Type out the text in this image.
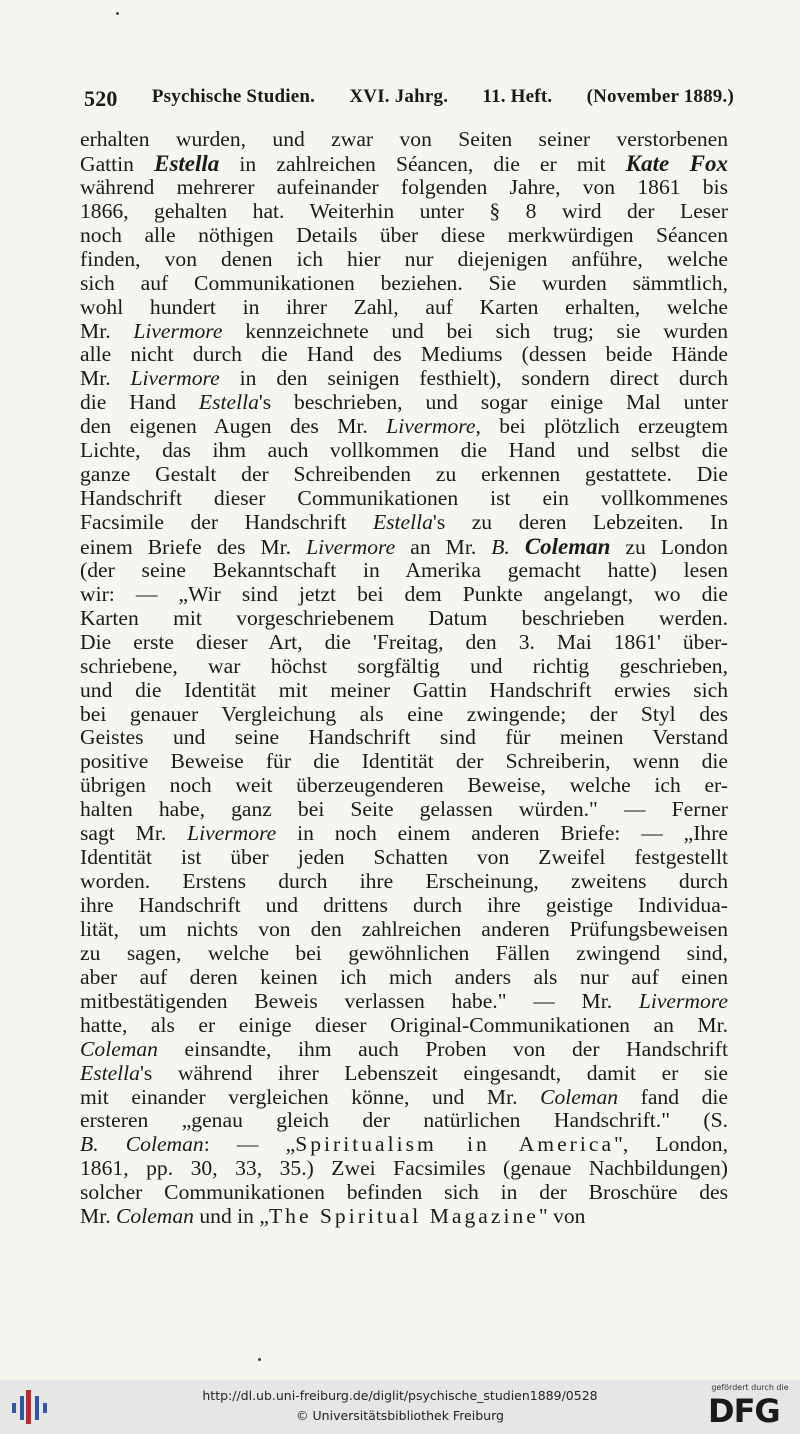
520 Psychische Studien. XVI. Jahrg. 11. Heft. (November 1889.)
erhalten wurden, und zwar von Seiten seiner verstorbenen
Gattin Estella in zahlreichen Séancen, die er mit Kate Fox
während mehrerer aufeinander folgenden Jahre, von 1861 bis
1866, gehalten hat. Weiterhin unter § 8 wird der Leser
noch alle nöthigen Details über diese merkwürdigen Séancen
finden, von denen ich hier nur diejenigen anführe, welche
sich auf Communikationen beziehen. Sie wurden sämmtlich,
wohl hundert in ihrer Zahl, auf Karten erhalten, welche
Mr. Livermore kennzeichnete und bei sich trug; sie wurden
alle nicht durch die Hand des Mediums (dessen beide Hände
Mr. Livermore in den seinigen festhielt), sondern direct durch
die Hand Estella's beschrieben, und sogar einige Mal unter
den eigenen Augen des Mr. Livermore, bei plötzlich erzeugtem
Lichte, das ihm auch vollkommen die Hand und selbst die
ganze Gestalt der Schreibenden zu erkennen gestattete. Die
Handschrift dieser Communikationen ist ein vollkommenes
Facsimile der Handschrift Estella's zu deren Lebzeiten. In
einem Briefe des Mr. Livermore an Mr. B. Coleman zu London
(der seine Bekanntschaft in Amerika gemacht hatte) lesen
wir: — „Wir sind jetzt bei dem Punkte angelangt, wo die
Karten mit vorgeschriebenem Datum beschrieben werden.
Die erste dieser Art, die 'Freitag, den 3. Mai 1861' über-
schriebene, war höchst sorgfältig und richtig geschrieben,
und die Identität mit meiner Gattin Handschrift erwies sich
bei genauer Vergleichung als eine zwingende; der Styl des
Geistes und seine Handschrift sind für meinen Verstand
positive Beweise für die Identität der Schreiberin, wenn die
übrigen noch weit überzeugenderen Beweise, welche ich er-
halten habe, ganz bei Seite gelassen würden." — Ferner
sagt Mr. Livermore in noch einem anderen Briefe: — „Ihre
Identität ist über jeden Schatten von Zweifel festgestellt
worden. Erstens durch ihre Erscheinung, zweitens durch
ihre Handschrift und drittens durch ihre geistige Individua-
lität, um nichts von den zahlreichen anderen Prüfungsbeweisen
zu sagen, welche bei gewöhnlichen Fällen zwingend sind,
aber auf deren keinen ich mich anders als nur auf einen
mitbestätigenden Beweis verlassen habe." — Mr. Livermore
hatte, als er einige dieser Original-Communikationen an Mr.
Coleman einsandte, ihm auch Proben von der Handschrift
Estella's während ihrer Lebenszeit eingesandt, damit er sie
mit einander vergleichen könne, und Mr. Coleman fand die
ersteren „genau gleich der natürlichen Handschrift." (S.
B. Coleman: — „Spiritualism in America", London,
1861, pp. 30, 33, 35.) Zwei Facsimiles (genaue Nachbildungen)
solcher Communikationen befinden sich in der Broschüre des
Mr. Coleman und in „The Spiritual Magazine" von
http://dl.ub.uni-freiburg.de/diglit/psychische_studien1889/0528
© Universitätsbibliothek Freiburg
gefördert durch die
DFG
